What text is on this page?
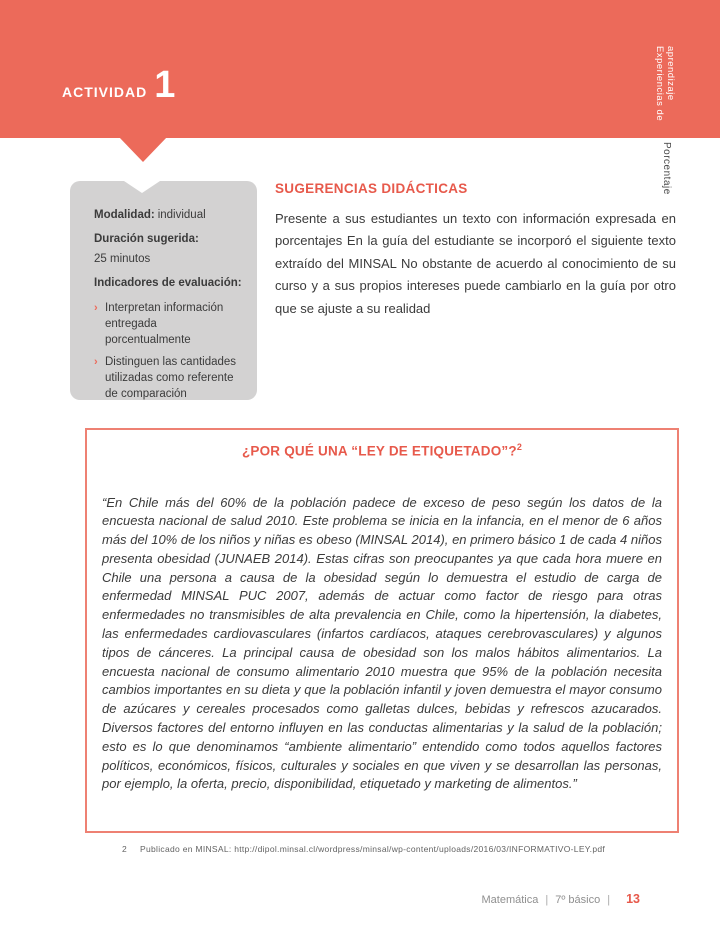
ACTIVIDAD 1	Experiencias de aprendizaje
Porcentaje

Modalidad: individual

Duración sugerida:

25 minutos

Indicadores de evaluación:

› Interpretan información entregada porcentualmente
› Distinguen las cantidades utilizadas como referente de comparación
SUGERENCIAS DIDÁCTICAS

Presente a sus estudiantes un texto con información expresada en porcentajes En la guía del estudiante se incorporó el siguiente texto extraído del MINSAL No obstante de acuerdo al conocimiento de su curso y a sus propios intereses puede cambiarlo en la guía por otro que se ajuste a su realidad

¿POR QUÉ UNA “LEY DE ETIQUETADO”?$^2$

“En Chile más del 60% de la población padece de exceso de peso según los datos de la encuesta nacional de salud 2010. Este problema se inicia en la infancia, en el menor de 6 años más del 10% de los niños y niñas es obeso (MINSAL 2014), en primero básico 1 de cada 4 niños presenta obesidad (JUNAEB 2014). Estas cifras son preocupantes ya que cada hora muere en Chile una persona a causa de la obesidad según lo demuestra el estudio de carga de enfermedad MINSAL PUC 2007, además de actuar como factor de riesgo para otras enfermedades no transmisibles de alta prevalencia en Chile, como la hipertensión, la diabetes, las enfermedades cardiovasculares (infartos cardíacos, ataques cerebrovasculares) y algunos tipos de cánceres. La principal causa de obesidad son los malos hábitos alimentarios. La encuesta nacional de consumo alimentario 2010 muestra que 95% de la población necesita cambios importantes en su dieta y que la población infantil y joven demuestra el mayor consumo de azúcares y cereales procesados como galletas dulces, bebidas y refrescos azucarados. Diversos factores del entorno influyen en las conductas alimentarias y la salud de la población; esto es lo que denominamos “ambiente alimentario” entendido como todos aquellos factores políticos, económicos, físicos, culturales y sociales en que viven y se desarrollan las personas, por ejemplo, la oferta, precio, disponibilidad, etiquetado y marketing de alimentos.”

2 Publicado en MINSAL: http://dipol.minsal.cl/wordpress/minsal/wp-content/uploads/2016/03/INFORMATIVO-LEY.pdf
Matemática | 7º básico | 13
